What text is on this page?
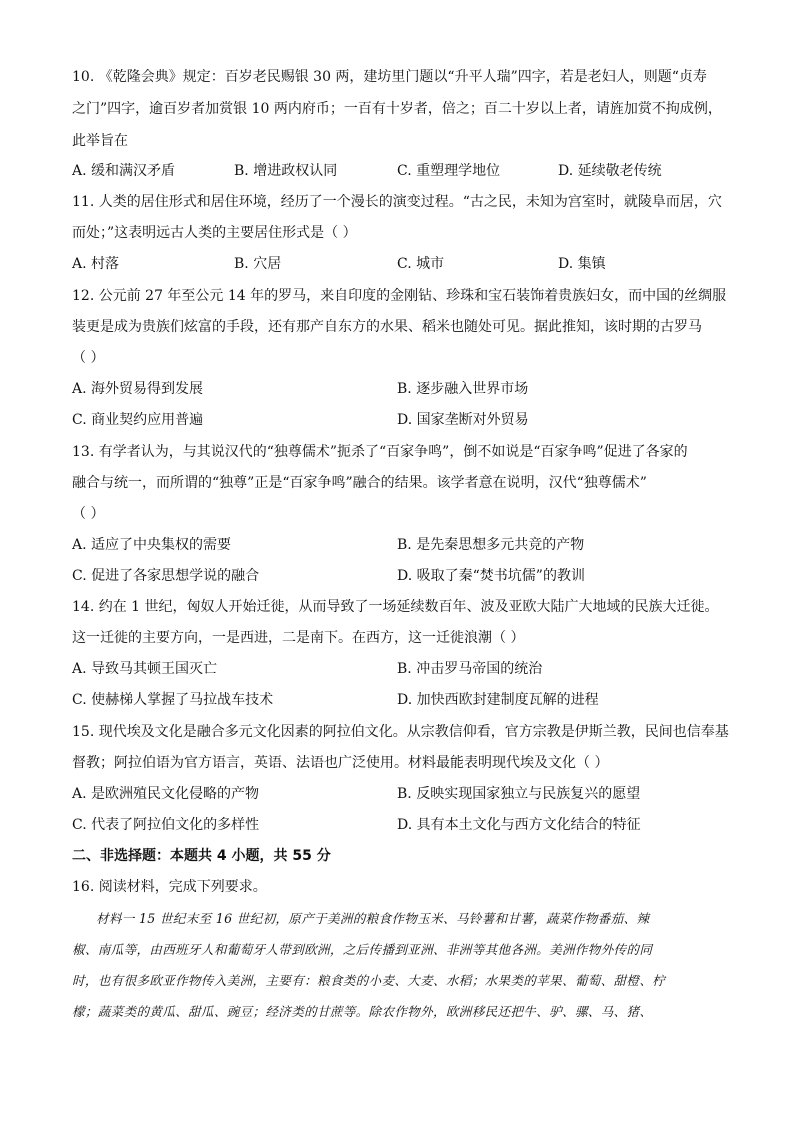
10. 《乾隆会典》规定：百岁老民赐银 30 两，建坊里门题以“升平人瑞”四字，若是老妇人，则题“贞寿
之门”四字，逾百岁者加赏银 10 两内府币；一百有十岁者，倍之；百二十岁以上者，请旌加赏不拘成例，
此举旨在
A. 缓和满汉矛盾	B. 增进政权认同	C. 重塑理学地位	D. 延续敬老传统
11. 人类的居住形式和居住环境，经历了一个漫长的演变过程。“古之民，未知为宫室时，就陵阜而居，穴
而处；”这表明远古人类的主要居住形式是（ ）
A. 村落	B. 穴居	C. 城市	D. 集镇
12. 公元前 27 年至公元 14 年的罗马，来自印度的金刚钻、珍珠和宝石装饰着贵族妇女，而中国的丝绸服
装更是成为贵族们炫富的手段，还有那产自东方的水果、稻米也随处可见。据此推知，该时期的古罗马
（ ）
A. 海外贸易得到发展	B. 逐步融入世界市场
C. 商业契约应用普遍	D. 国家垄断对外贸易
13. 有学者认为，与其说汉代的“独尊儒术”扼杀了“百家争鸣”，倒不如说是“百家争鸣”促进了各家的
融合与统一，而所谓的“独尊”正是“百家争鸣”融合的结果。该学者意在说明，汉代“独尊儒术”
（ ）
A. 适应了中央集权的需要	B. 是先秦思想多元共竞的产物
C. 促进了各家思想学说的融合	D. 吸取了秦“焚书坑儒”的教训
14. 约在 1 世纪，匈奴人开始迁徙，从而导致了一场延续数百年、波及亚欧大陆广大地域的民族大迁徙。
这一迁徙的主要方向，一是西进，二是南下。在西方，这一迁徙浪潮（ ）
A. 导致马其顿王国灭亡	B. 冲击罗马帝国的统治
C. 使赫梯人掌握了马拉战车技术	D. 加快西欧封建制度瓦解的进程
15. 现代埃及文化是融合多元文化因素的阿拉伯文化。从宗教信仰看，官方宗教是伊斯兰教，民间也信奉基
督教；阿拉伯语为官方语言，英语、法语也广泛使用。材料最能表明现代埃及文化（ ）
A. 是欧洲殖民文化侵略的产物	B. 反映实现国家独立与民族复兴的愿望
C. 代表了阿拉伯文化的多样性	D. 具有本土文化与西方文化结合的特征
二、非选择题：本题共 4 小题，共 55 分
16. 阅读材料，完成下列要求。
材料一 15 世纪末至 16 世纪初，原产于美洲的粮食作物玉米、马铃薯和甘薯，蔬菜作物番茄、辣
椒、南瓜等，由西班牙人和葡萄牙人带到欧洲，之后传播到亚洲、非洲等其他各洲。美洲作物外传的同
时，也有很多欧亚作物传入美洲，主要有：粮食类的小麦、大麦、水稻；水果类的苹果、葡萄、甜橙、柠
檬；蔬菜类的黄瓜、甜瓜、豌豆；经济类的甘蔗等。除农作物外，欧洲移民还把牛、驴、骡、马、猪、
